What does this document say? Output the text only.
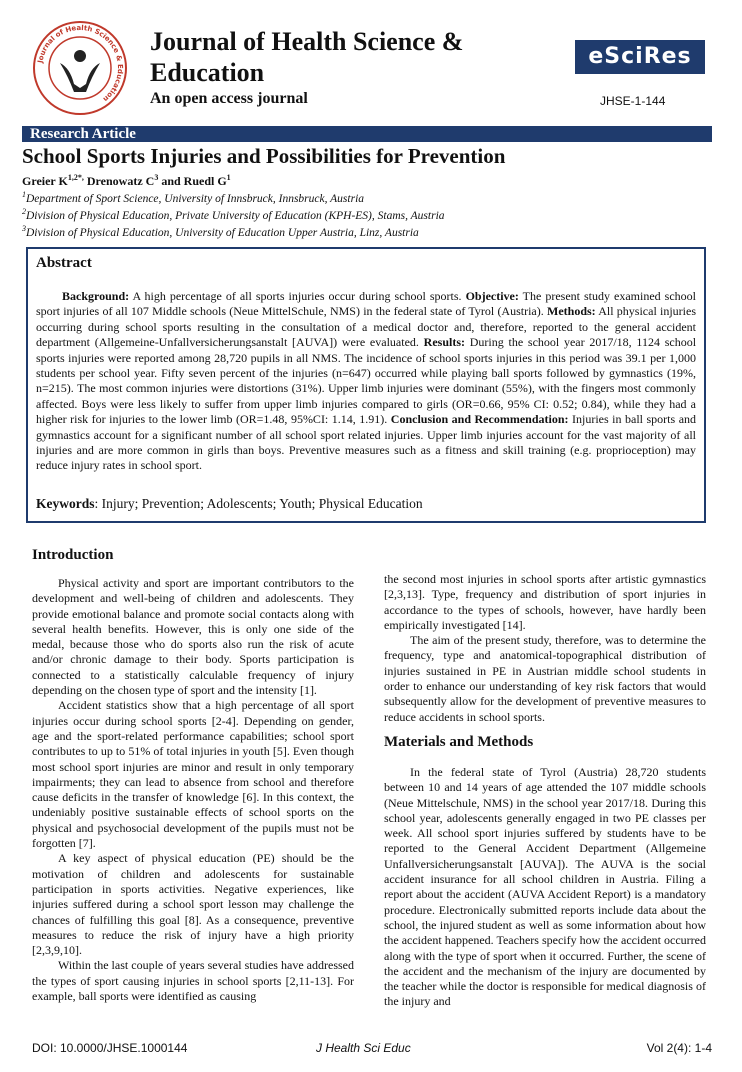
Journal of Health Science & Education
Journal of Health Science &
Education
An open access journal
eSciRes
JHSE-1-144
Research Article
School Sports Injuries and Possibilities for Prevention
Greier $K^{1,2*,}$ Drenowatz $C^3$ and Ruedl $G^1$
$^1$Department of Sport Science, University of Innsbruck, Innsbruck, Austria
$^2$Division of Physical Education, Private University of Education (KPH-ES), Stams, Austria
$^3$Division of Physical Education, University of Education Upper Austria, Linz, Austria
Abstract
Background: A high percentage of all sports injuries occur during school sports. Objective: The present study examined school sport injuries of all 107 Middle schools (Neue MittelSchule, NMS) in the federal state of Tyrol (Austria). Methods: All physical injuries occurring during school sports resulting in the consultation of a medical doctor and, therefore, reported to the general accident department (Allgemeine-Unfallversicherungsanstalt [AUVA]) were evaluated. Results: During the school year 2017/18, 1124 school sports injuries were reported among 28,720 pupils in all NMS. The incidence of school sports injuries in this period was 39.1 per 1,000 students per school year. Fifty seven percent of the injuries (n=647) occurred while playing ball sports followed by gymnastics (19%, n=215). The most common injuries were distortions (31%). Upper limb injuries were dominant (55%), with the fingers most commonly affected. Boys were less likely to suffer from upper limb injuries compared to girls (OR=0.66, 95% CI: 0.52; 0.84), while they had a higher risk for injuries to the lower limb (OR=1.48, 95%CI: 1.14, 1.91). Conclusion and Recommendation: Injuries in ball sports and gymnastics account for a significant number of all school sport related injuries. Upper limb injuries account for the vast majority of all injuries and are more common in girls than boys. Preventive measures such as a fitness and skill training (e.g. proprioception) may reduce injury rates in school sport.
Keywords: Injury; Prevention; Adolescents; Youth; Physical Education
Introduction

Physical activity and sport are important contributors to the development and well-being of children and adolescents. They provide emotional balance and promote social contacts along with several health benefits. However, this is only one side of the medal, because those who do sports also run the risk of acute and/or chronic damage to their body. Sports participation is connected to a statistically calculable frequency of injury depending on the chosen type of sport and the intensity [1].

Accident statistics show that a high percentage of all sport injuries occur during school sports [2-4]. Depending on gender, age and the sport-related performance capabilities; school sport contributes to up to 51% of total injuries in youth [5]. Even though most school sport injuries are minor and result in only temporary impairments; they can lead to absence from school and therefore cause deficits in the transfer of knowledge [6]. In this context, the undeniably positive sustainable effects of school sports on the physical and psychosocial development of the pupils must not be forgotten [7].

A key aspect of physical education (PE) should be the motivation of children and adolescents for sustainable participation in sports activities. Negative experiences, like injuries suffered during a school sport lesson may challenge the chances of fulfilling this goal [8]. As a consequence, preventive measures to reduce the risk of injury have a high priority [2,3,9,10].

Within the last couple of years several studies have addressed the types of sport causing injuries in school sports [2,11-13]. For example, ball sports were identified as causing

the second most injuries in school sports after artistic gymnastics [2,3,13]. Type, frequency and distribution of sport injuries in accordance to the types of schools, however, have hardly been empirically investigated [14].

The aim of the present study, therefore, was to determine the frequency, type and anatomical-topographical distribution of injuries sustained in PE in Austrian middle school students in order to enhance our understanding of key risk factors that would subsequently allow for the development of preventive measures to reduce accidents in school sports.

Materials and Methods

In the federal state of Tyrol (Austria) 28,720 students between 10 and 14 years of age attended the 107 middle schools (Neue Mittelschule, NMS) in the school year 2017/18. During this school year, adolescents generally engaged in two PE classes per week. All school sport injuries suffered by students have to be reported to the General Accident Department (Allgemeine Unfallversicherungsanstalt [AUVA]). The AUVA is the social accident insurance for all school children in Austria. Filing a report about the accident (AUVA Accident Report) is a mandatory procedure. Electronically submitted reports include data about the school, the injured student as well as some information about how the accident happened. Teachers specify how the accident occurred along with the type of sport when it occurred. Further, the scene of the accident and the mechanism of the injury are documented by the teacher while the doctor is responsible for medical diagnosis of the injury and

DOI: 10.0000/JHSE.1000144	J Health Sci Educ	Vol 2(4): 1-4
